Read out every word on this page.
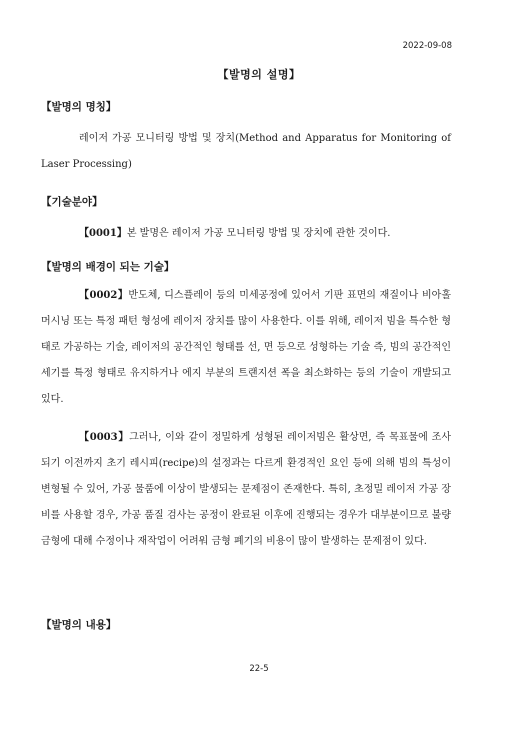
2022-09-08
【발명의 설명】
【발명의 명칭】

레이저 가공 모니터링 방법 및 장치(Method and Apparatus for Monitoring of Laser Processing)

【기술분야】

【0001】본 발명은 레이저 가공 모니터링 방법 및 장치에 관한 것이다.

【발명의 배경이 되는 기술】

【0002】반도체, 디스플레이 등의 미세공정에 있어서 기판 표면의 재질이나 비아홀 머시닝 또는 특정 패턴 형성에 레이저 장치를 많이 사용한다. 이를 위해, 레이저 빔을 특수한 형태로 가공하는 기술, 레이저의 공간적인 형태를 선, 면 등으로 성형하는 기술 즉, 빔의 공간적인 세기를 특정 형태로 유지하거나 에지 부분의 트랜지션 폭을 최소화하는 등의 기술이 개발되고 있다.

【0003】그러나, 이와 같이 정밀하게 성형된 레이저빔은 활상면, 즉 목표물에 조사되기 이전까지 초기 레시피(recipe)의 설정과는 다르게 환경적인 요인 등에 의해 빔의 특성이 변형될 수 있어, 가공 물품에 이상이 발생되는 문제점이 존재한다. 특히, 초정밀 레이저 가공 장비를 사용할 경우, 가공 품질 검사는 공정이 완료된 이후에 진행되는 경우가 대부분이므로 불량 금형에 대해 수정이나 재작업이 어려워 금형 폐기의 비용이 많이 발생하는 문제점이 있다.

【발명의 내용】
22-5
